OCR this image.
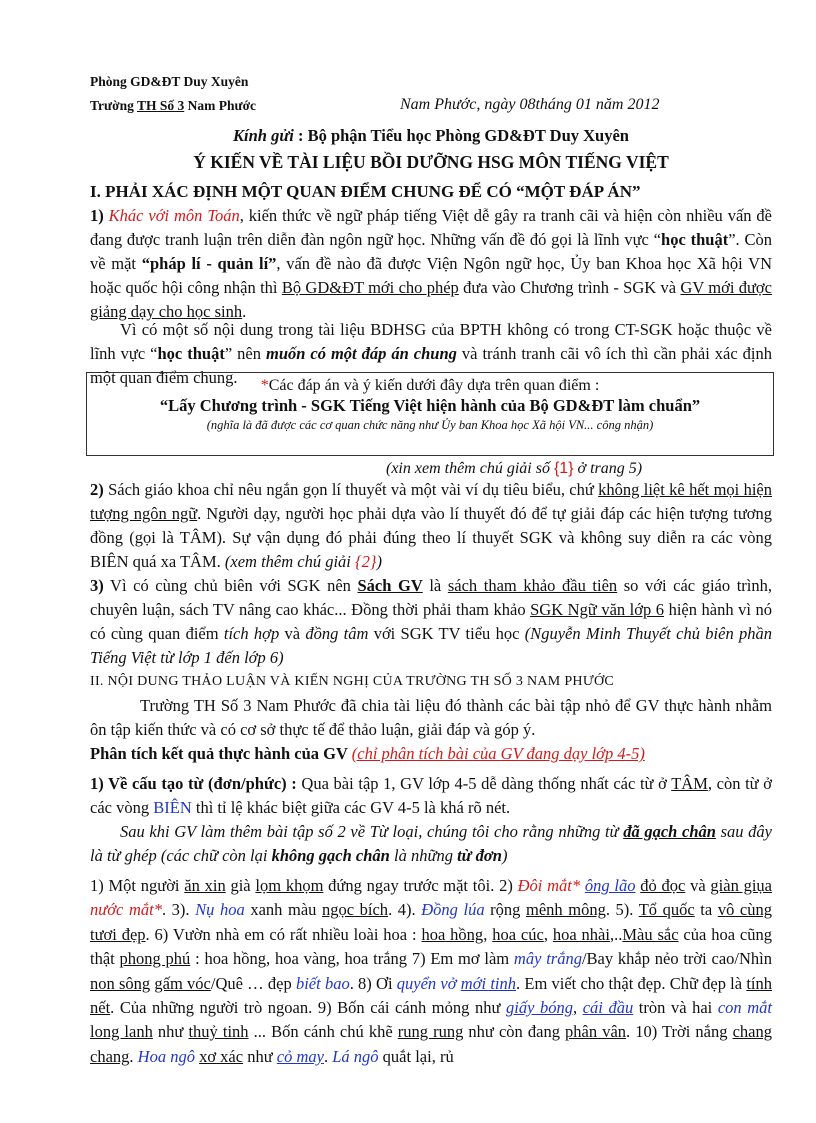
Phòng GD&ĐT Duy Xuyên
Trường TH Số 3 Nam Phước	Nam Phước, ngày 08tháng 01 năm 2012
Kính gửi : Bộ phận Tiểu học Phòng GD&ĐT Duy Xuyên
Ý KIẾN VỀ TÀI LIỆU BỒI DƯỠNG HSG MÔN TIẾNG VIỆT
I. PHẢI XÁC ĐỊNH MỘT QUAN ĐIỂM CHUNG ĐỂ CÓ “MỘT ĐÁP ÁN”
1) Khác với môn Toán, kiến thức về ngữ pháp tiếng Việt dễ gây ra tranh cãi và hiện còn nhiều vấn đề đang được tranh luận trên diễn đàn ngôn ngữ học. Những vấn đề đó gọi là lĩnh vực “học thuật”. Còn về mặt “pháp lí - quản lí”, vấn đề nào đã được Viện Ngôn ngữ học, Ủy ban Khoa học Xã hội VN hoặc quốc hội công nhận thì Bộ GD&ĐT mới cho phép đưa vào Chương trình - SGK và GV mới được giảng dạy cho học sinh.
Vì có một số nội dung trong tài liệu BDHSG của BPTH không có trong CT-SGK hoặc thuộc về lĩnh vực “học thuật” nên muốn có một đáp án chung và tránh tranh cãi vô ích thì cần phải xác định một quan điểm chung.	*Các đáp án và ý kiến dưới đây dựa trên quan điểm :
“Lấy Chương trình - SGK Tiếng Việt hiện hành của Bộ GD&ĐT làm chuẩn”
(nghĩa là đã được các cơ quan chức năng như Ủy ban Khoa học Xã hội VN... công nhận)
(xin xem thêm chú giải số {1} ở trang 5)
2) Sách giáo khoa chỉ nêu ngắn gọn lí thuyết và một vài ví dụ tiêu biểu, chứ không liệt kê hết mọi hiện tượng ngôn ngữ. Người dạy, người học phải dựa vào lí thuyết đó để tự giải đáp các hiện tượng tương đồng (gọi là TÂM). Sự vận dụng đó phải đúng theo lí thuyết SGK và không suy diễn ra các vòng BIÊN quá xa TÂM. (xem thêm chú giải {2})
3) Vì có cùng chủ biên với SGK nên Sách GV là sách tham khảo đầu tiên so với các giáo trình, chuyên luận, sách TV nâng cao khác... Đồng thời phải tham khảo SGK Ngữ văn lớp 6 hiện hành vì nó có cùng quan điểm tích hợp và đồng tâm với SGK TV tiểu học (Nguyễn Minh Thuyết chủ biên phần Tiếng Việt từ lớp 1 đến lớp 6)
II. NỘI DUNG THẢO LUẬN VÀ KIẾN NGHỊ CỦA TRƯỜNG TH SỐ 3 NAM PHƯỚC
Trường TH Số 3 Nam Phước đã chia tài liệu đó thành các bài tập nhỏ để GV thực hành nhằm ôn tập kiến thức và có cơ sở thực tế để thảo luận, giải đáp và góp ý.
Phân tích kết quả thực hành của GV (chỉ phân tích bài của GV đang dạy lớp 4-5)
1) Về cấu tạo từ (đơn/phức) : Qua bài tập 1, GV lớp 4-5 dễ dàng thống nhất các từ ở TÂM, còn từ ở các vòng BIÊN thì tỉ lệ khác biệt giữa các GV 4-5 là khá rõ nét.
Sau khi GV làm thêm bài tập số 2 về Từ loại, chúng tôi cho rằng những từ đã gạch chân sau đây là từ ghép (các chữ còn lại không gạch chân là những từ đơn)
1) Một người ăn xin già lọm khọm đứng ngay trước mặt tôi. 2) Đôi mắt* ông lão đỏ đọc và giàn giụa nước mắt*. 3). Nụ hoa xanh màu ngọc bích. 4). Đồng lúa rộng mênh mông. 5). Tổ quốc ta vô cùng tươi đẹp. 6) Vườn nhà em có rất nhiều loài hoa : hoa hồng, hoa cúc, hoa nhài,..Màu sắc của hoa cũng thật phong phú : hoa hồng, hoa vàng, hoa trắng 7) Em mơ làm mây trắng/Bay khắp nẻo trời cao/Nhìn non sông gấm vóc/Quê … đẹp biết bao. 8) Ơi quyển vở mới tinh. Em viết cho thật đẹp. Chữ đẹp là tính nết. Của những người trò ngoan. 9) Bốn cái cánh mỏng như giấy bóng, cái đầu tròn và hai con mắt long lanh như thuỷ tinh ... Bốn cánh chú khẽ rung rung như còn đang phân vân. 10) Trời nắng chang chang. Hoa ngô xơ xác như cỏ may. Lá ngô quắt lại, rủ
